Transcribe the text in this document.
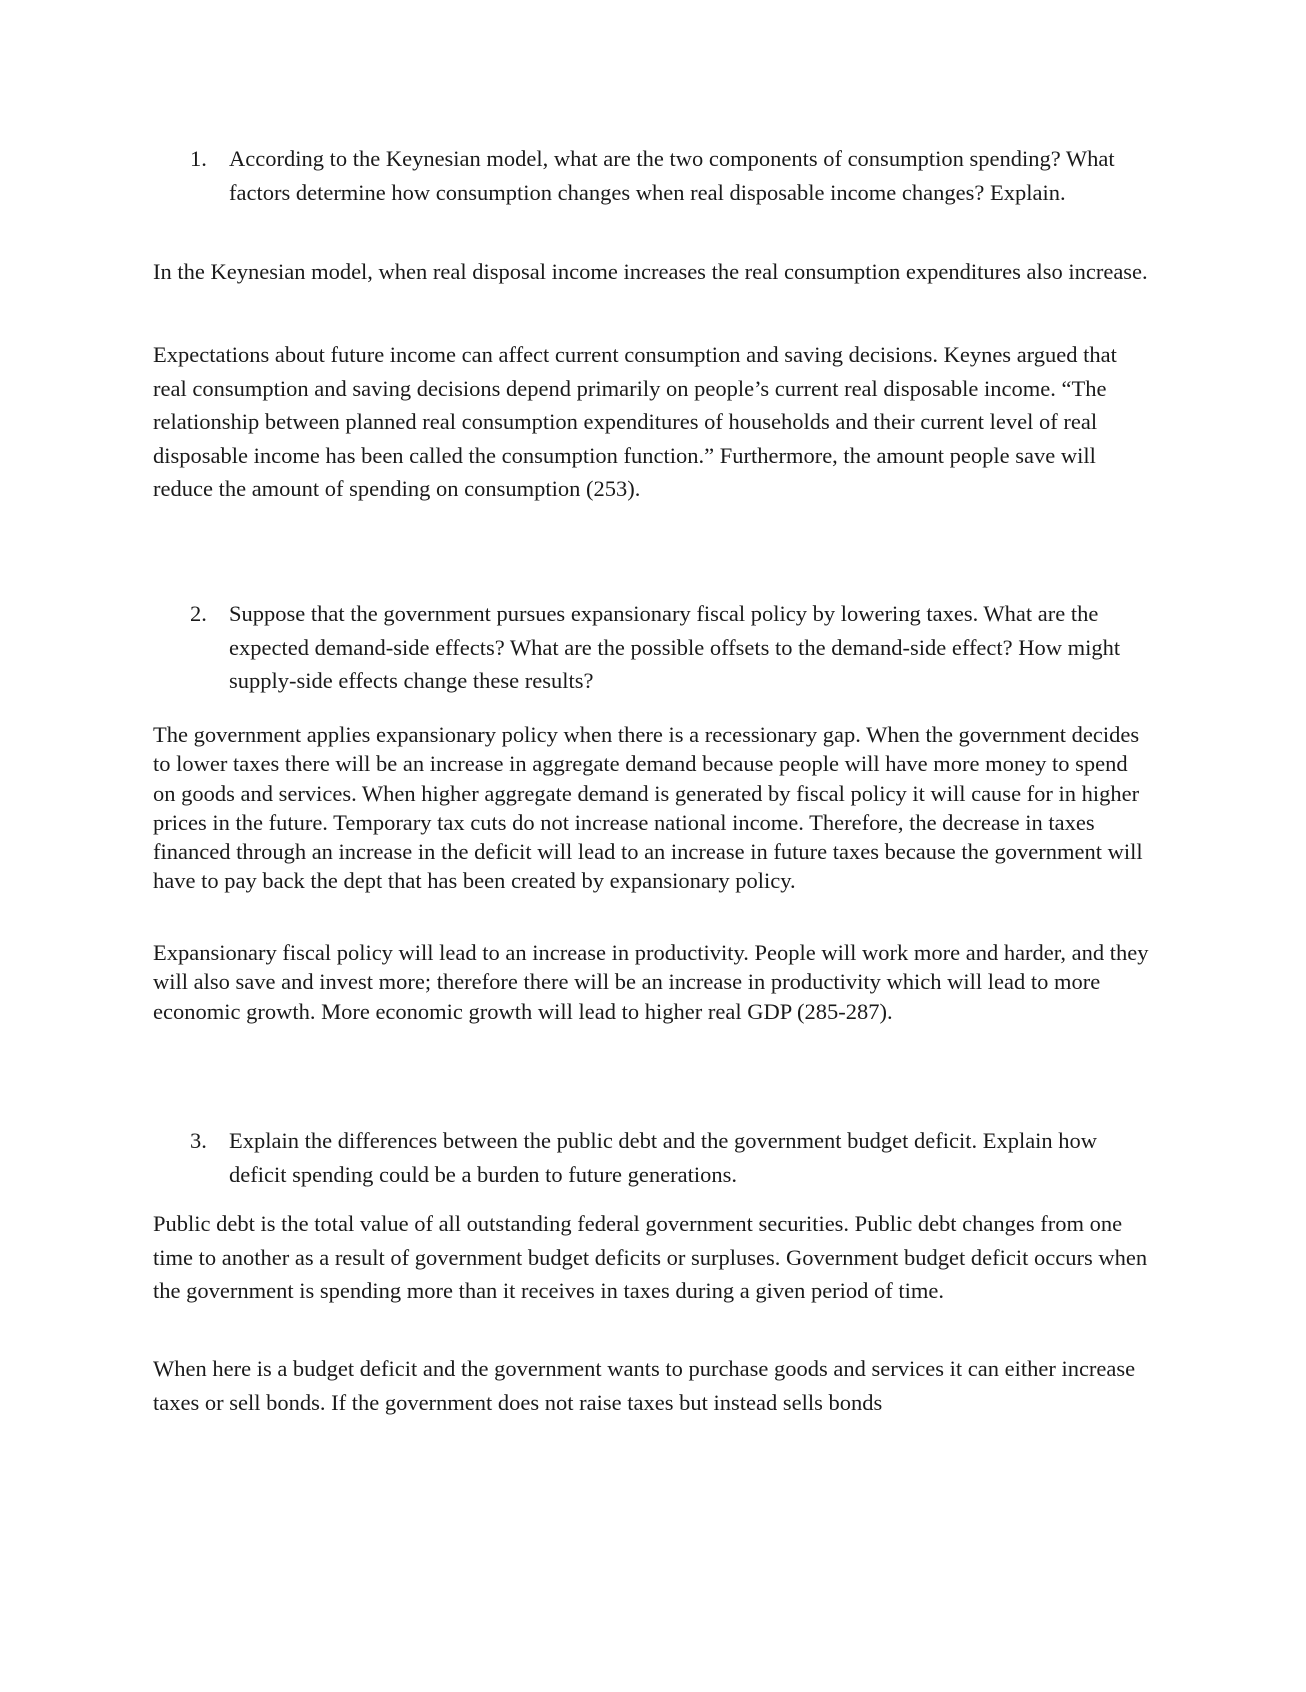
1. According to the Keynesian model, what are the two components of consumption spending? What factors determine how consumption changes when real disposable income changes? Explain.

In the Keynesian model, when real disposal income increases the real consumption expenditures also increase.

Expectations about future income can affect current consumption and saving decisions. Keynes argued that real consumption and saving decisions depend primarily on people’s current real disposable income. “The relationship between planned real consumption expenditures of households and their current level of real disposable income has been called the consumption function.” Furthermore, the amount people save will reduce the amount of spending on consumption (253).

2. Suppose that the government pursues expansionary fiscal policy by lowering taxes. What are the expected demand-side effects? What are the possible offsets to the demand-side effect? How might supply-side effects change these results?

The government applies expansionary policy when there is a recessionary gap. When the government decides to lower taxes there will be an increase in aggregate demand because people will have more money to spend on goods and services. When higher aggregate demand is generated by fiscal policy it will cause for in higher prices in the future. Temporary tax cuts do not increase national income. Therefore, the decrease in taxes financed through an increase in the deficit will lead to an increase in future taxes because the government will have to pay back the dept that has been created by expansionary policy.

Expansionary fiscal policy will lead to an increase in productivity. People will work more and harder, and they will also save and invest more; therefore there will be an increase in productivity which will lead to more economic growth. More economic growth will lead to higher real GDP (285-287).

3. Explain the differences between the public debt and the government budget deficit. Explain how deficit spending could be a burden to future generations.

Public debt is the total value of all outstanding federal government securities. Public debt changes from one time to another as a result of government budget deficits or surpluses. Government budget deficit occurs when the government is spending more than it receives in taxes during a given period of time.

When here is a budget deficit and the government wants to purchase goods and services it can either increase taxes or sell bonds. If the government does not raise taxes but instead sells bonds
